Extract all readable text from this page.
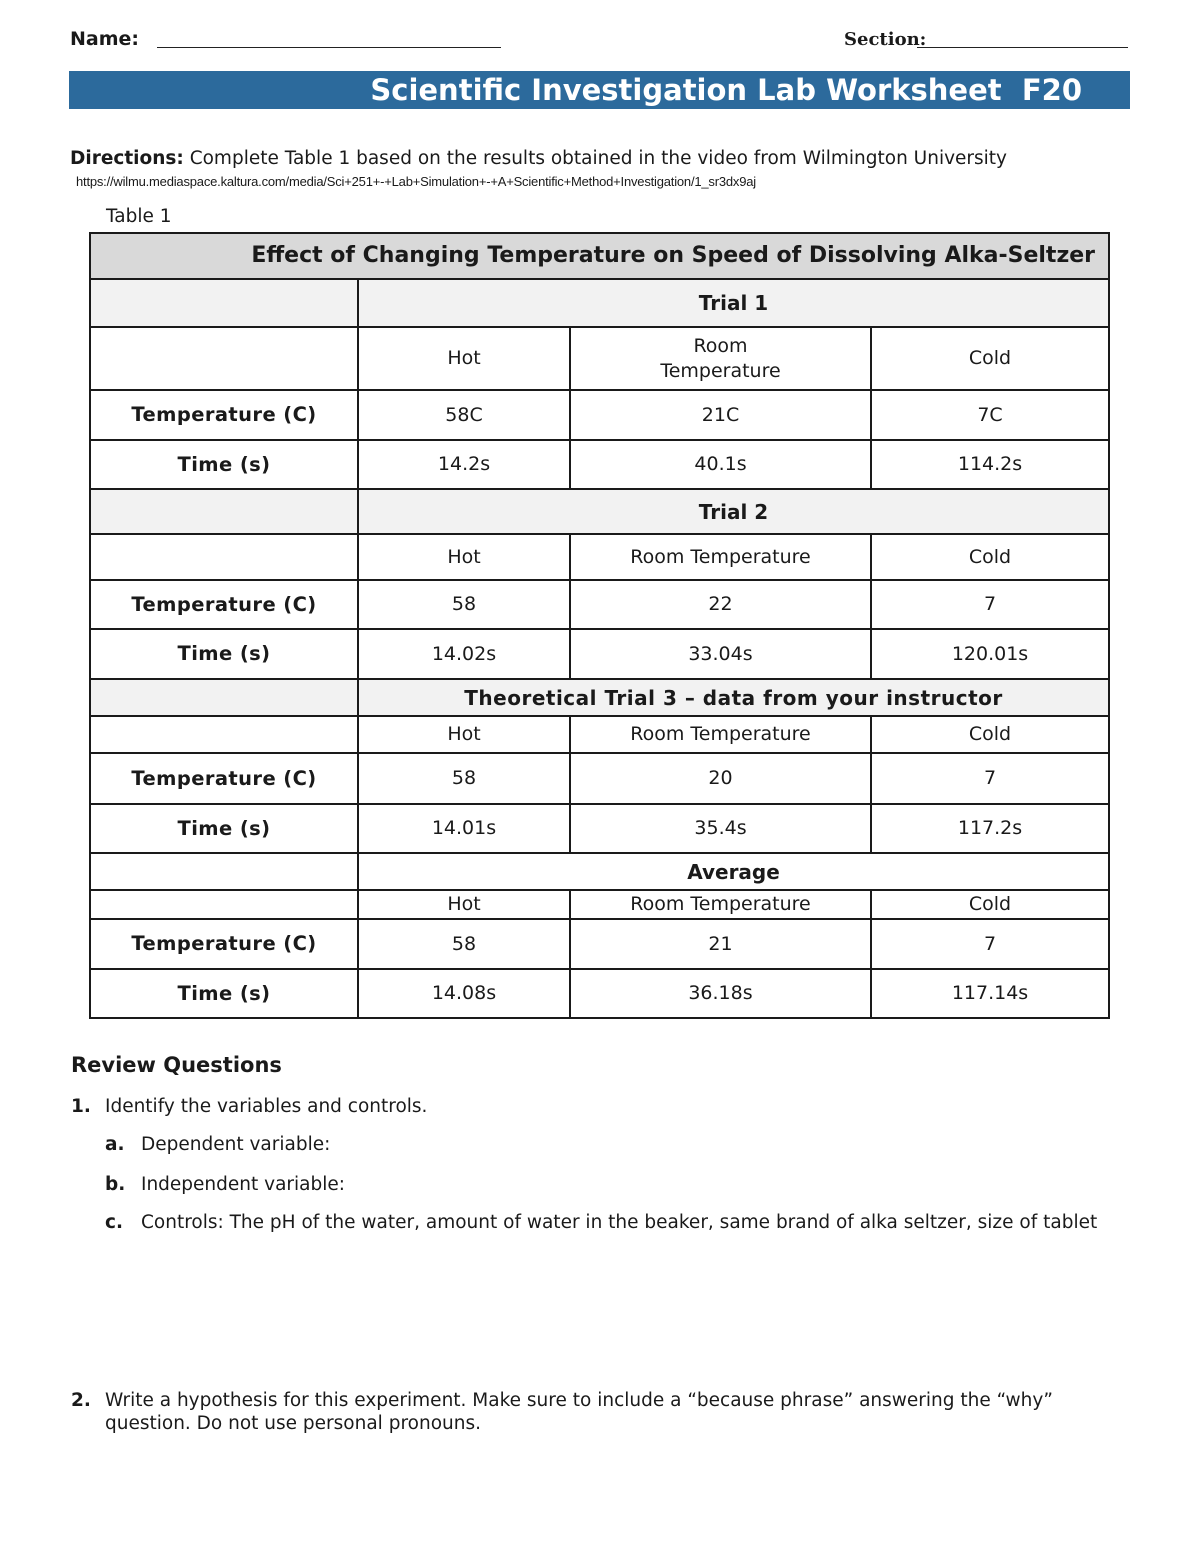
Name:	Section:
Scientific Investigation Lab Worksheet  F20
Directions: Complete Table 1 based on the results obtained in the video from Wilmington University
https://wilmu.mediaspace.kaltura.com/media/Sci+251+-+Lab+Simulation+-+A+Scientific+Method+Investigation/1_sr3dx9aj
Table 1
Effect of Changing Temperature on Speed of Dissolving Alka-Seltzer			
	Trial 1		
	Hot	Room Temperature	Cold
Temperature (C)	58C	21C	7C
Time (s)	14.2s	40.1s	114.2s
	Trial 2		
	Hot	Room Temperature	Cold
Temperature (C)	58	22	7
Time (s)	14.02s	33.04s	120.01s
	Theoretical Trial 3 – data from your instructor		
	Hot	Room Temperature	Cold
Temperature (C)	58	20	7
Time (s)	14.01s	35.4s	117.2s
	Average		
	Hot	Room Temperature	Cold
Temperature (C)	58	21	7
Time (s)	14.08s	36.18s	117.14s
Review Questions
1. Identify the variables and controls.
a. Dependent variable:
b. Independent variable:
c. Controls: The pH of the water, amount of water in the beaker, same brand of alka seltzer, size of tablet
2. Write a hypothesis for this experiment. Make sure to include a “because phrase” answering the “why” question. Do not use personal pronouns.
